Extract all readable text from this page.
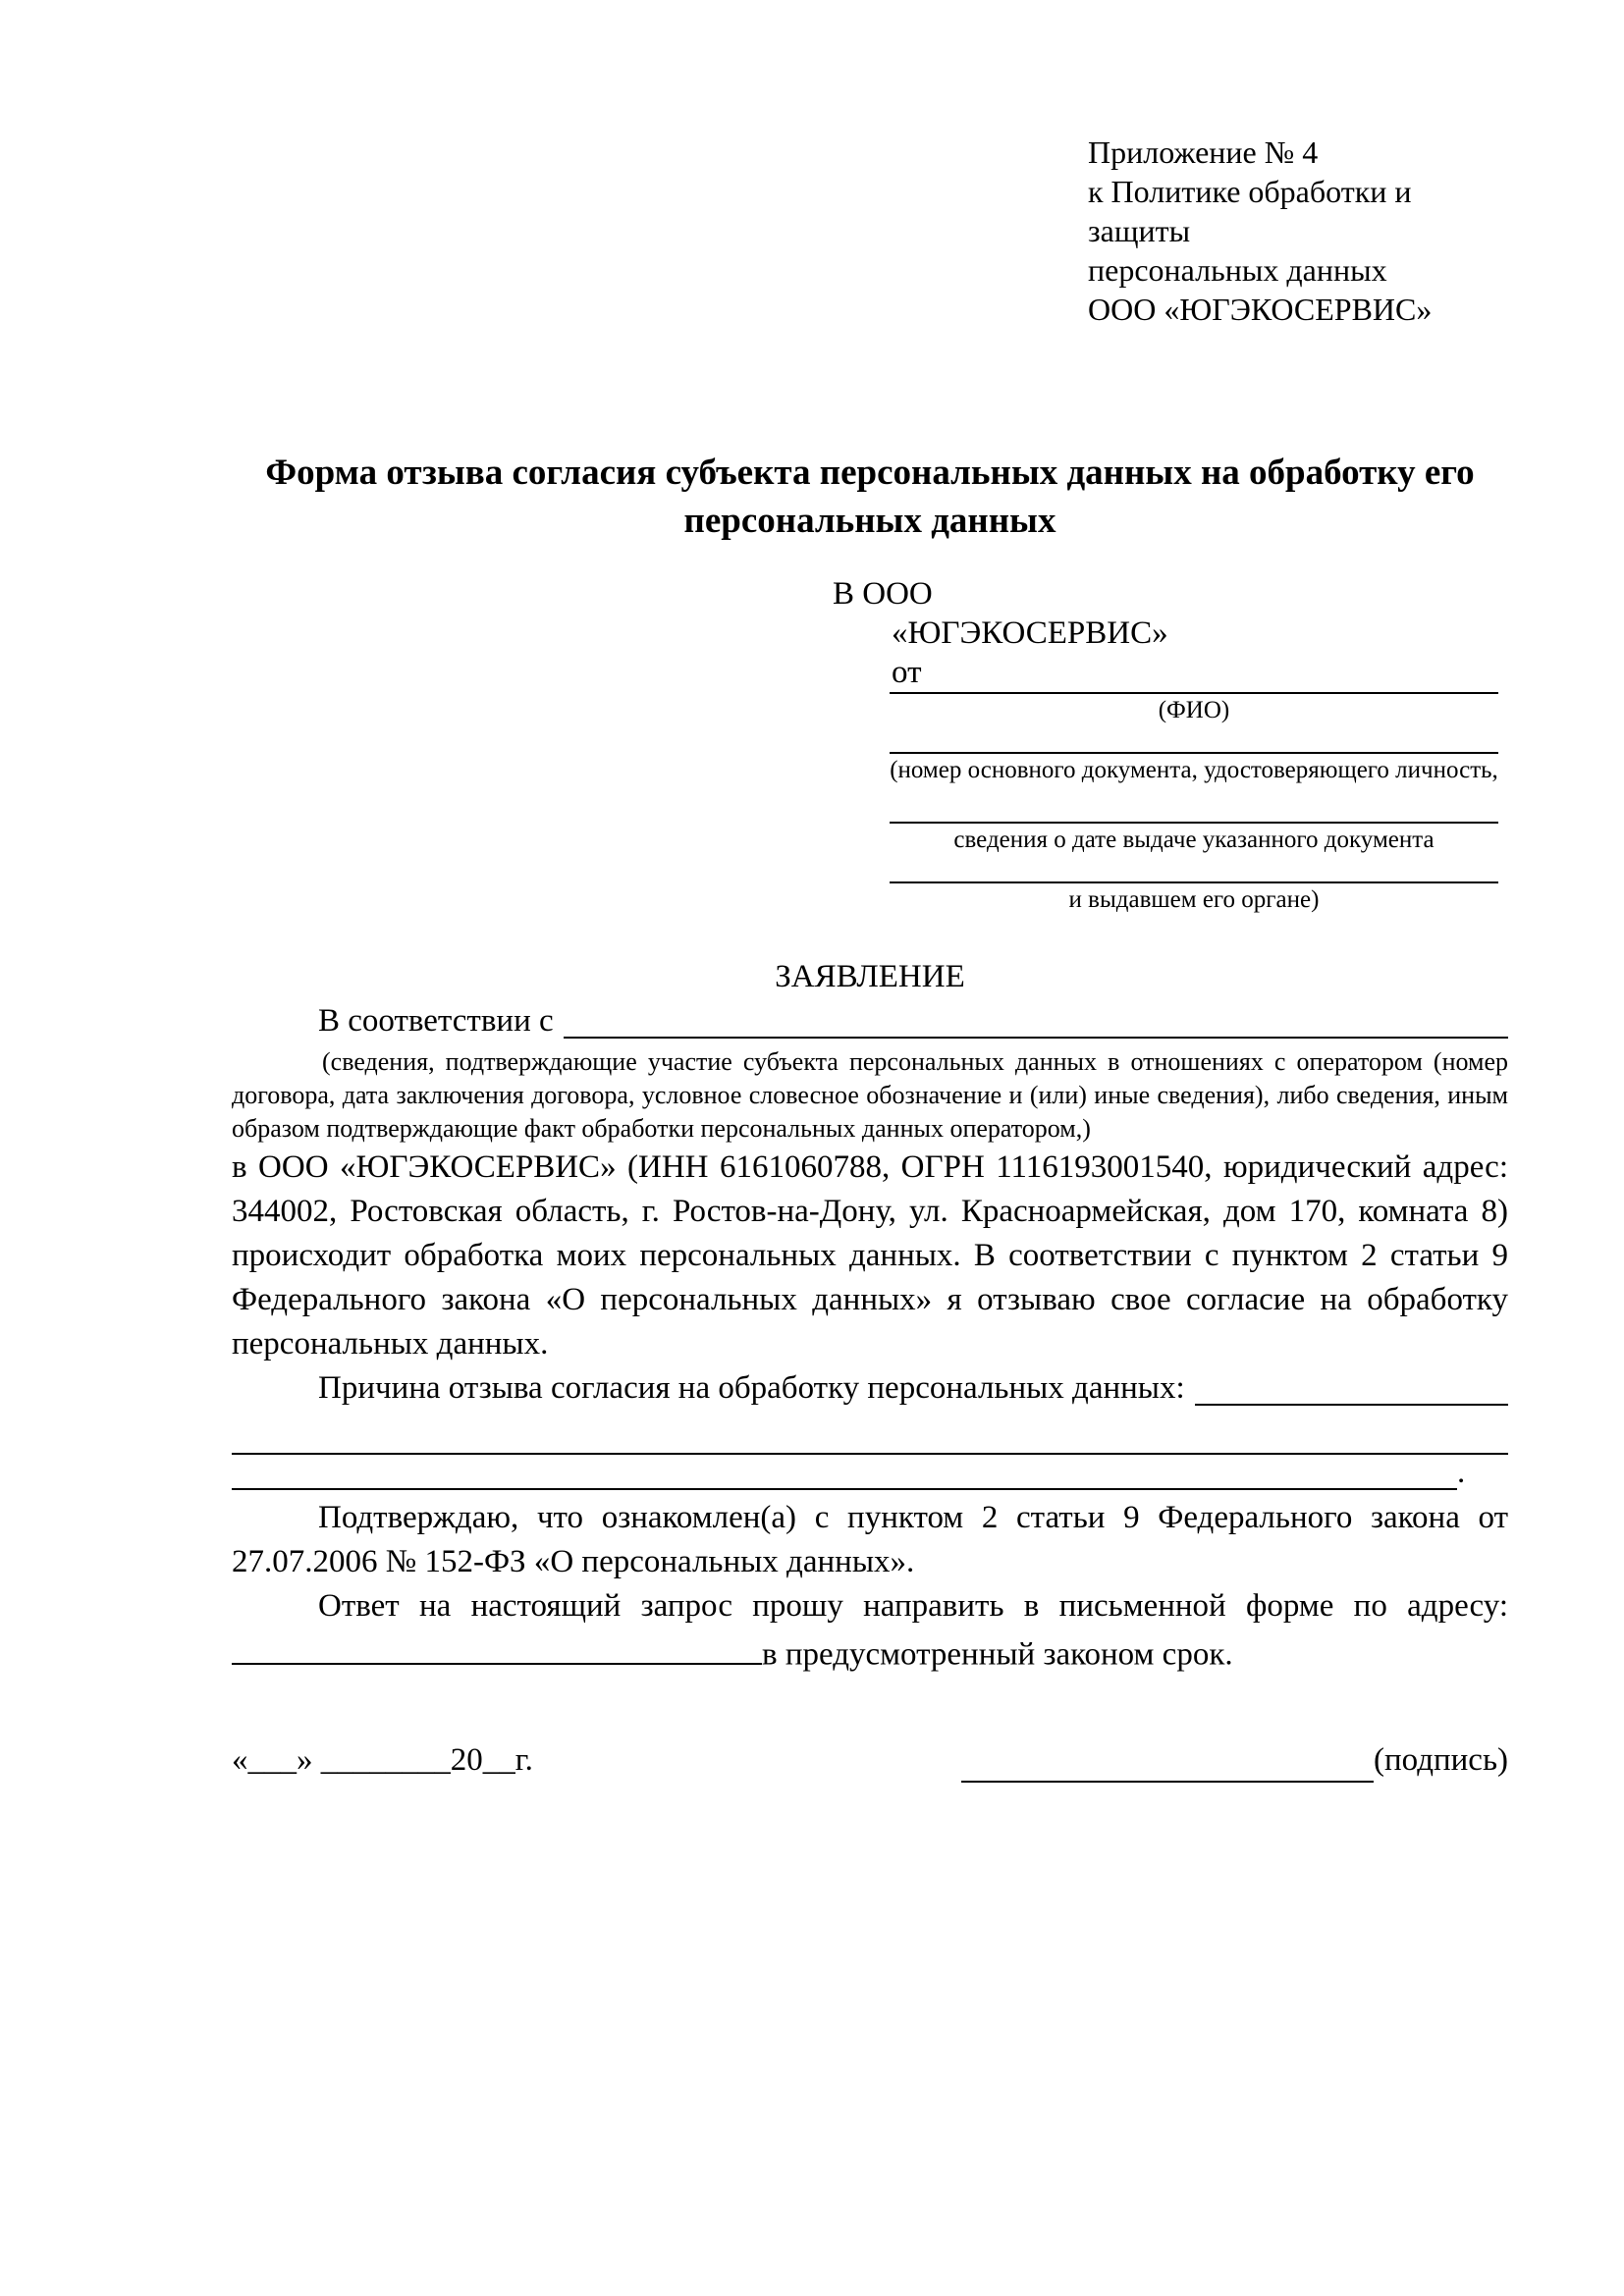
Приложение № 4
к Политике обработки и защиты
персональных данных
ООО «ЮГЭКОСЕРВИС»
Форма отзыва согласия субъекта персональных данных на обработку его персональных данных
В ООО
«ЮГЭКОСЕРВИС»
от
(ФИО)
(номер основного документа, удостоверяющего личность,
сведения о дате выдаче указанного документа
и выдавшем его органе)
ЗАЯВЛЕНИЕ
В соответствии с

(сведения, подтверждающие участие субъекта персональных данных в отношениях с оператором (номер договора, дата заключения договора, условное словесное обозначение и (или) иные сведения), либо сведения, иным образом подтверждающие факт обработки персональных данных оператором,)

в ООО «ЮГЭКОСЕРВИС» (ИНН 6161060788, ОГРН 1116193001540, юридический адрес: 344002, Ростовская область, г. Ростов-на-Дону, ул. Красноармейская, дом 170, комната 8) происходит обработка моих персональных данных. В соответствии с пунктом 2 статьи 9 Федерального закона «О персональных данных» я отзываю свое согласие на обработку персональных данных.

Причина отзыва согласия на обработку персональных данных:
.

Подтверждаю, что ознакомлен(а) с пунктом 2 статьи 9 Федерального закона от 27.07.2006 № 152-ФЗ «О персональных данных».

Ответ на настоящий запрос прошу направить в письменной форме по адресу: в предусмотренный законом срок.

«___» ________20__г.	(подпись)
